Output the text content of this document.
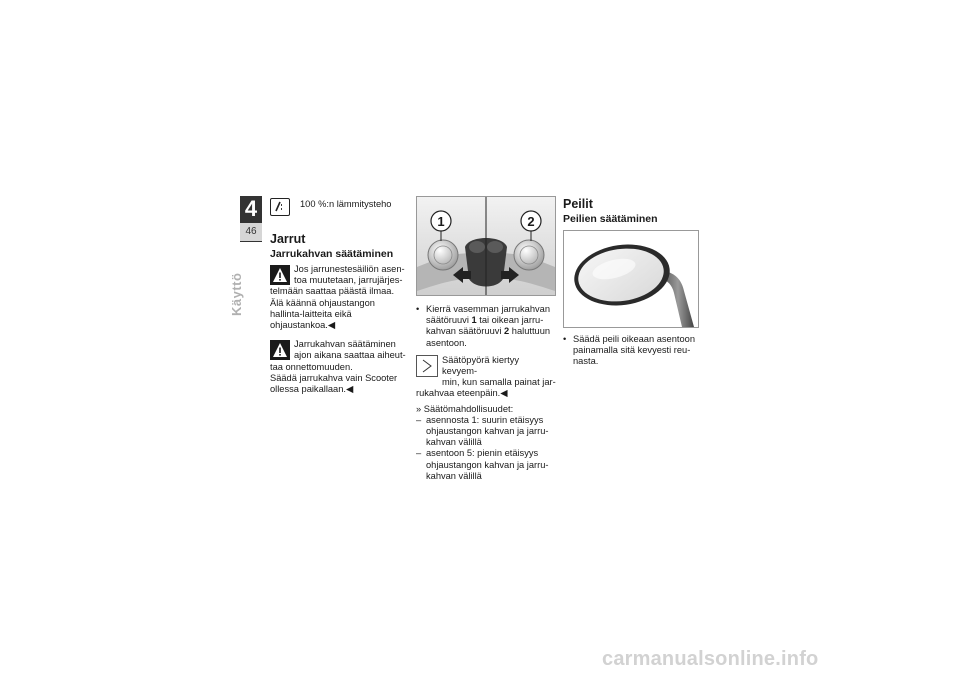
4
46
Käyttö
100 %:n lämmitysteho
Jarrut
Jarrukahvan säätäminen
Jos jarrunestesäiliön asen-
toa muutetaan, jarrujärjes-
telmään saattaa päästä ilmaa. Älä käännä ohjaustangon hallinta-laitteita eikä ohjaustankoa.◀
Jarrukahvan säätäminen
ajon aikana saattaa aiheut-
taa onnettomuuden.
Säädä jarrukahva vain Scooter ollessa paikallaan.◀
1	2
• Kierrä vasemman jarrukahvan säätöruuvi 1 tai oikean jarru-kahvan säätöruuvi 2 haluttuun asentoon.
Säätöpyörä kiertyy kevyem-
min, kun samalla painat jar-
rukahvaa eteenpäin.◀
» Säätömahdollisuudet:
– asennosta 1: suurin etäisyys ohjaustangon kahvan ja jarru-kahvan välillä
– asentoon 5: pienin etäisyys ohjaustangon kahvan ja jarru-kahvan välillä
Peilit
Peilien säätäminen
• Säädä peili oikeaan asentoon painamalla sitä kevyesti reu-nasta.
carmanualsonline.info
